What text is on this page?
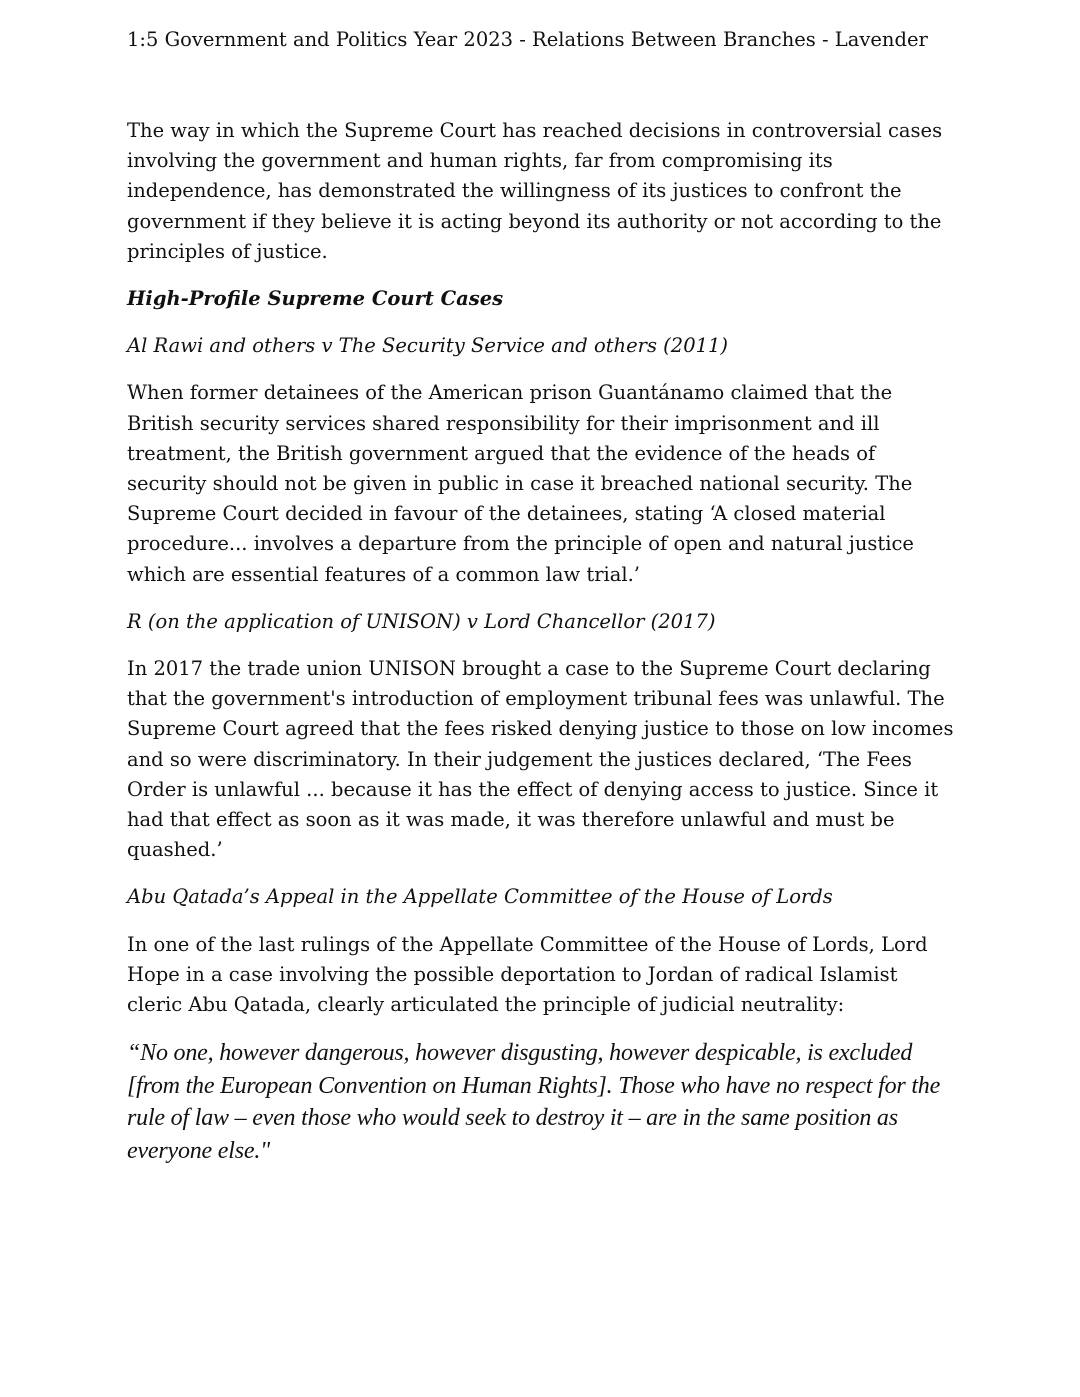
1:5 Government and Politics Year 2023 - Relations Between Branches - Lavender

The way in which the Supreme Court has reached decisions in controversial cases involving the government and human rights, far from compromising its independence, has demonstrated the willingness of its justices to confront the government if they believe it is acting beyond its authority or not according to the principles of justice.

High-Profile Supreme Court Cases

Al Rawi and others v The Security Service and others (2011)

When former detainees of the American prison Guantánamo claimed that the British security services shared responsibility for their imprisonment and ill treatment, the British government argued that the evidence of the heads of security should not be given in public in case it breached national security. The Supreme Court decided in favour of the detainees, stating ‘A closed material procedure... involves a departure from the principle of open and natural justice which are essential features of a common law trial.’

R (on the application of UNISON) v Lord Chancellor (2017)

In 2017 the trade union UNISON brought a case to the Supreme Court declaring that the government's introduction of employment tribunal fees was unlawful. The Supreme Court agreed that the fees risked denying justice to those on low incomes and so were discriminatory. In their judgement the justices declared, ‘The Fees Order is unlawful ... because it has the effect of denying access to justice. Since it had that effect as soon as it was made, it was therefore unlawful and must be quashed.’

Abu Qatada’s Appeal in the Appellate Committee of the House of Lords

In one of the last rulings of the Appellate Committee of the House of Lords, Lord Hope in a case involving the possible deportation to Jordan of radical Islamist cleric Abu Qatada, clearly articulated the principle of judicial neutrality:

“No one, however dangerous, however disgusting, however despicable, is excluded [from the European Convention on Human Rights]. Those who have no respect for the rule of law – even those who would seek to destroy it – are in the same position as everyone else."
